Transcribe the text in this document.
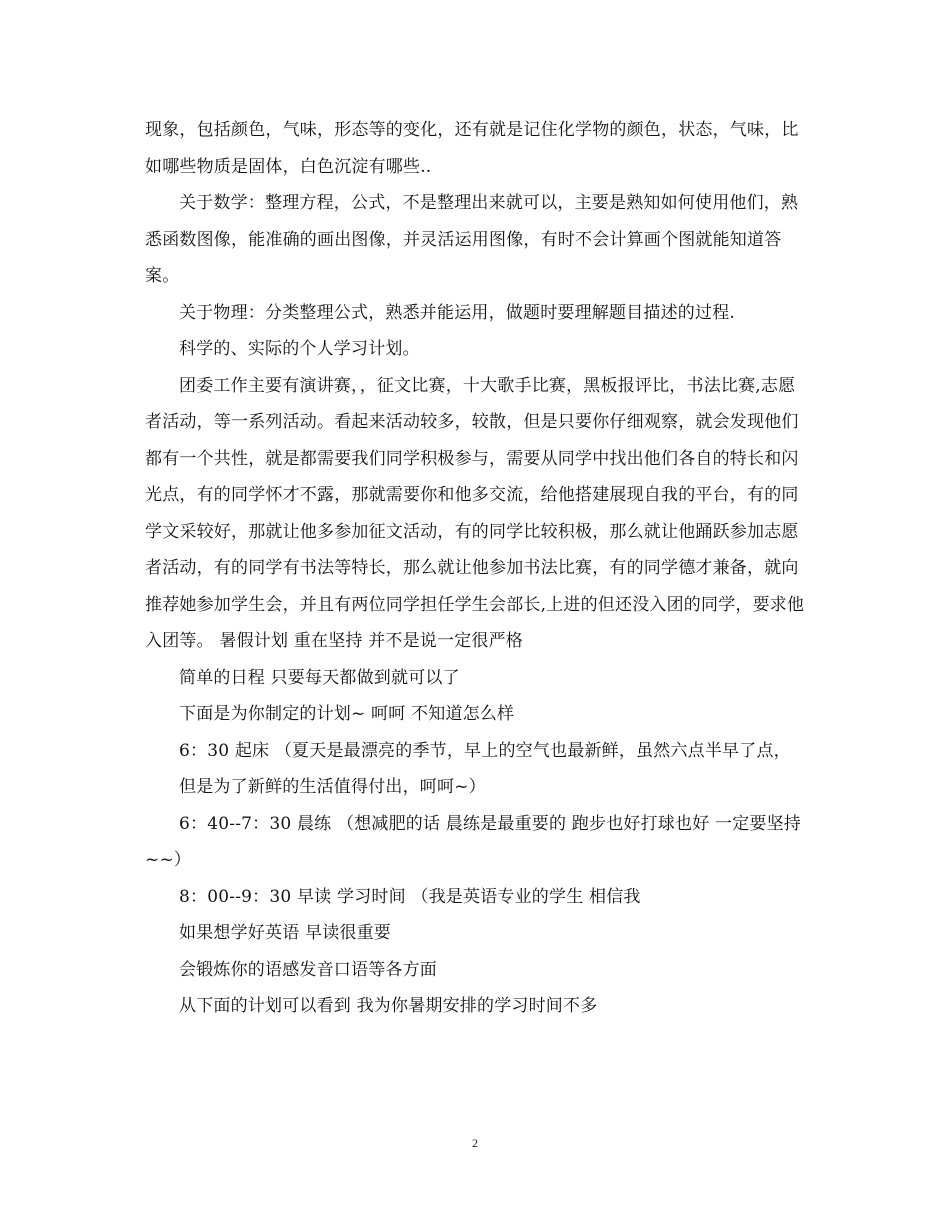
现象，包括颜色，气味，形态等的变化，还有就是记住化学物的颜色，状态，气味，比如哪些物质是固体，白色沉淀有哪些..

关于数学：整理方程，公式，不是整理出来就可以，主要是熟知如何使用他们，熟悉函数图像，能准确的画出图像，并灵活运用图像，有时不会计算画个图就能知道答案。

关于物理：分类整理公式，熟悉并能运用，做题时要理解题目描述的过程.

科学的、实际的个人学习计划。

团委工作主要有演讲赛，，征文比赛，十大歌手比赛，黑板报评比，书法比赛,志愿者活动，等一系列活动。看起来活动较多，较散，但是只要你仔细观察，就会发现他们都有一个共性，就是都需要我们同学积极参与，需要从同学中找出他们各自的特长和闪光点，有的同学怀才不露，那就需要你和他多交流，给他搭建展现自我的平台，有的同学文采较好，那就让他多参加征文活动，有的同学比较积极，那么就让他踊跃参加志愿者活动，有的同学有书法等特长，那么就让他参加书法比赛，有的同学德才兼备，就向推荐她参加学生会，并且有两位同学担任学生会部长,上进的但还没入团的同学，要求他入团等。 暑假计划 重在坚持 并不是说一定很严格

简单的日程 只要每天都做到就可以了

下面是为你制定的计划~ 呵呵 不知道怎么样

6：30 起床 （夏天是最漂亮的季节，早上的空气也最新鲜，虽然六点半早了点，

但是为了新鲜的生活值得付出，呵呵~）

6：40--7：30 晨练 （想减肥的话 晨练是最重要的 跑步也好打球也好 一定要坚持~~）

8：00--9：30 早读 学习时间 （我是英语专业的学生 相信我

如果想学好英语 早读很重要

会锻炼你的语感发音口语等各方面

从下面的计划可以看到 我为你暑期安排的学习时间不多

2
